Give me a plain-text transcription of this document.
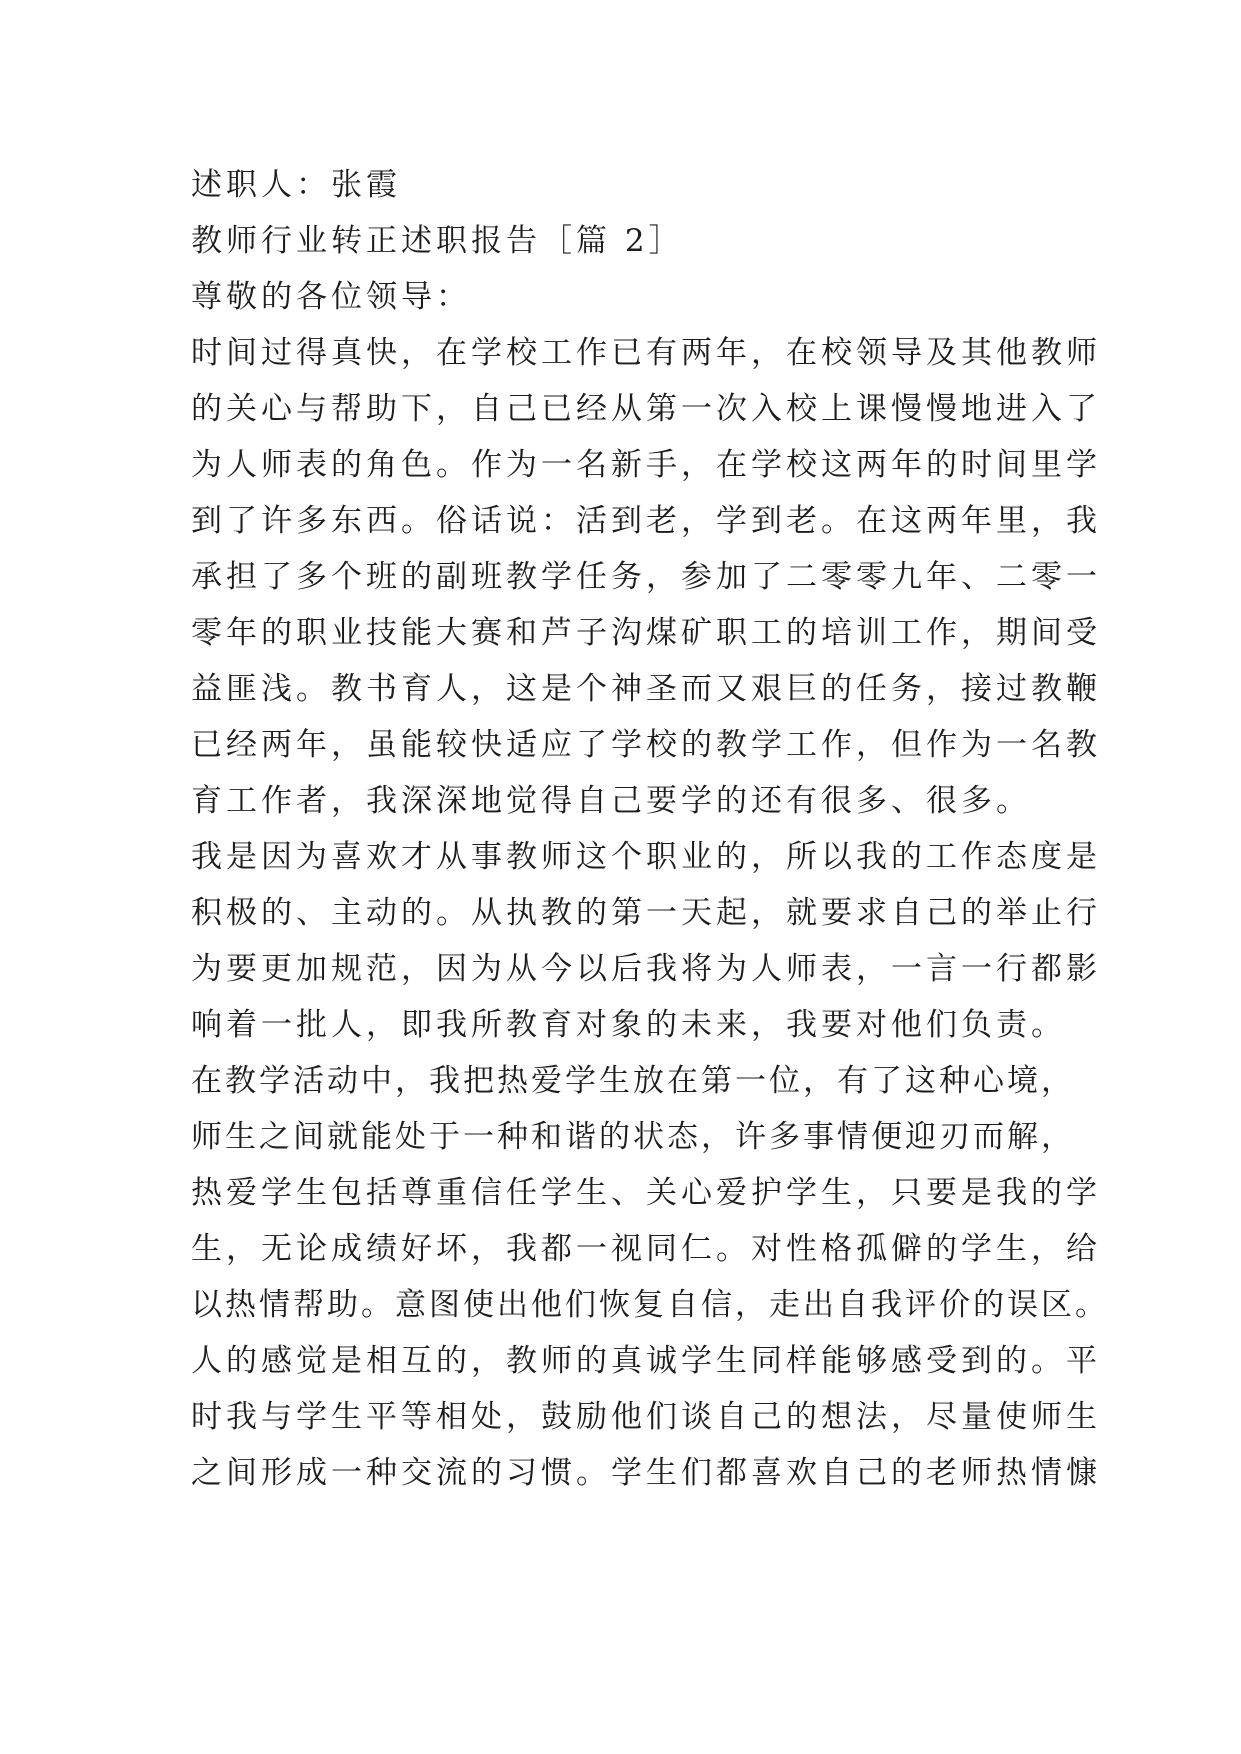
述职人：张霞
教师行业转正述职报告［篇 2］
尊敬的各位领导：
时间过得真快，在学校工作已有两年，在校领导及其他教师
的关心与帮助下，自己已经从第一次入校上课慢慢地进入了
为人师表的角色。作为一名新手，在学校这两年的时间里学
到了许多东西。俗话说：活到老，学到老。在这两年里，我
承担了多个班的副班教学任务，参加了二零零九年、二零一
零年的职业技能大赛和芦子沟煤矿职工的培训工作，期间受
益匪浅。教书育人，这是个神圣而又艰巨的任务，接过教鞭
已经两年，虽能较快适应了学校的教学工作，但作为一名教
育工作者，我深深地觉得自己要学的还有很多、很多。
我是因为喜欢才从事教师这个职业的，所以我的工作态度是
积极的、主动的。从执教的第一天起，就要求自己的举止行
为要更加规范，因为从今以后我将为人师表，一言一行都影
响着一批人，即我所教育对象的未来，我要对他们负责。
在教学活动中，我把热爱学生放在第一位，有了这种心境，
师生之间就能处于一种和谐的状态，许多事情便迎刃而解，
热爱学生包括尊重信任学生、关心爱护学生，只要是我的学
生，无论成绩好坏，我都一视同仁。对性格孤僻的学生，给
以热情帮助。意图使出他们恢复自信，走出自我评价的误区。
人的感觉是相互的，教师的真诚学生同样能够感受到的。平
时我与学生平等相处，鼓励他们谈自己的想法，尽量使师生
之间形成一种交流的习惯。学生们都喜欢自己的老师热情慷
